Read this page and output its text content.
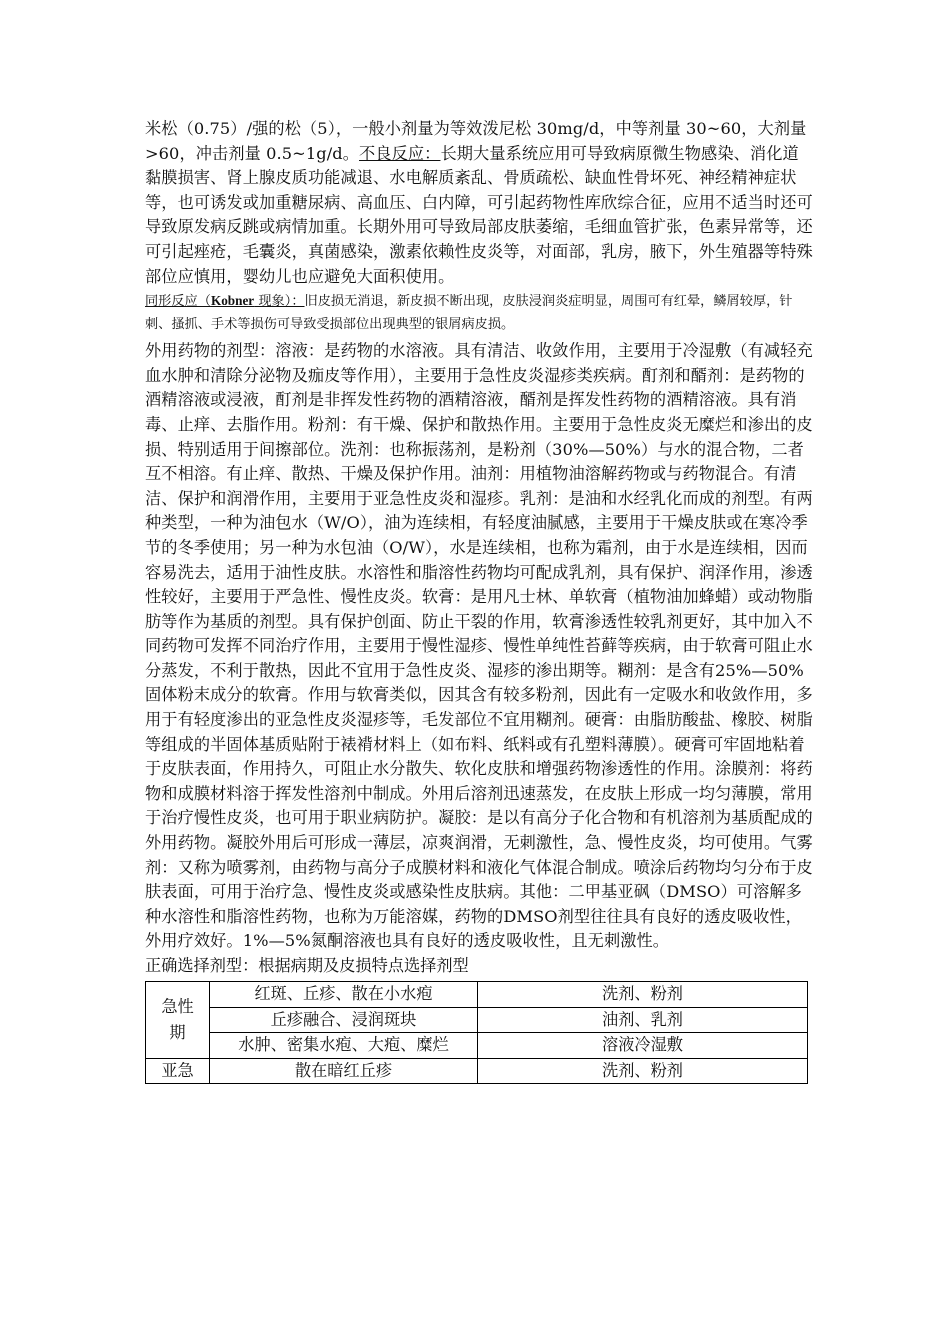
米松（0.75）/强的松（5），一般小剂量为等效泼尼松 30mg/d，中等剂量 30~60，大剂量>60，冲击剂量 0.5~1g/d。不良反应：长期大量系统应用可导致病原微生物感染、消化道黏膜损害、肾上腺皮质功能减退、水电解质紊乱、骨质疏松、缺血性骨坏死、神经精神症状等，也可诱发或加重糖尿病、高血压、白内障，可引起药物性库欣综合征，应用不适当时还可导致原发病反跳或病情加重。长期外用可导致局部皮肤萎缩，毛细血管扩张，色素异常等，还可引起痤疮，毛囊炎，真菌感染，激素依赖性皮炎等，对面部，乳房，腋下，外生殖器等特殊部位应慎用，婴幼儿也应避免大面积使用。

同形反应（Kobner 现象）：旧皮损无消退，新皮损不断出现，皮肤浸润炎症明显，周围可有红晕，鳞屑较厚，针刺、搔抓、手术等损伤可导致受损部位出现典型的银屑病皮损。

外用药物的剂型：溶液：是药物的水溶液。具有清洁、收敛作用，主要用于冷湿敷（有减轻充血水肿和清除分泌物及痂皮等作用），主要用于急性皮炎湿疹类疾病。酊剂和醑剂：是药物的酒精溶液或浸液，酊剂是非挥发性药物的酒精溶液，醑剂是挥发性药物的酒精溶液。具有消毒、止痒、去脂作用。粉剂：有干燥、保护和散热作用。主要用于急性皮炎无糜烂和渗出的皮损、特别适用于间擦部位。洗剂：也称振荡剂，是粉剂（30%—50%）与水的混合物，二者互不相溶。有止痒、散热、干燥及保护作用。油剂：用植物油溶解药物或与药物混合。有清洁、保护和润滑作用，主要用于亚急性皮炎和湿疹。乳剂：是油和水经乳化而成的剂型。有两种类型，一种为油包水（W/O），油为连续相，有轻度油腻感，主要用于干燥皮肤或在寒冷季节的冬季使用；另一种为水包油（O/W），水是连续相，也称为霜剂，由于水是连续相，因而容易洗去，适用于油性皮肤。水溶性和脂溶性药物均可配成乳剂，具有保护、润泽作用，渗透性较好，主要用于严急性、慢性皮炎。软膏：是用凡士林、单软膏（植物油加蜂蜡）或动物脂肪等作为基质的剂型。具有保护创面、防止干裂的作用，软膏渗透性较乳剂更好，其中加入不同药物可发挥不同治疗作用，主要用于慢性湿疹、慢性单纯性苔藓等疾病，由于软膏可阻止水分蒸发，不利于散热，因此不宜用于急性皮炎、湿疹的渗出期等。糊剂：是含有25%—50%固体粉末成分的软膏。作用与软膏类似，因其含有较多粉剂，因此有一定吸水和收敛作用，多用于有轻度渗出的亚急性皮炎湿疹等，毛发部位不宜用糊剂。硬膏：由脂肪酸盐、橡胶、树脂等组成的半固体基质贴附于裱褙材料上（如布料、纸料或有孔塑料薄膜）。硬膏可牢固地粘着于皮肤表面，作用持久，可阻止水分散失、软化皮肤和增强药物渗透性的作用。涂膜剂：将药物和成膜材料溶于挥发性溶剂中制成。外用后溶剂迅速蒸发，在皮肤上形成一均匀薄膜，常用于治疗慢性皮炎，也可用于职业病防护。凝胶：是以有高分子化合物和有机溶剂为基质配成的外用药物。凝胶外用后可形成一薄层，凉爽润滑，无刺激性，急、慢性皮炎，均可使用。气雾剂：又称为喷雾剂，由药物与高分子成膜材料和液化气体混合制成。喷涂后药物均匀分布于皮肤表面，可用于治疗急、慢性皮炎或感染性皮肤病。其他：二甲基亚砜（DMSO）可溶解多种水溶性和脂溶性药物，也称为万能溶媒，药物的DMSO剂型往往具有良好的透皮吸收性，外用疗效好。1%—5%氮酮溶液也具有良好的透皮吸收性，且无刺激性。

正确选择剂型：根据病期及皮损特点选择剂型

急性期	红斑、丘疹、散在小水疱	洗剂、粉剂
	丘疹融合、浸润斑块	油剂、乳剂
	水肿、密集水疱、大疱、糜烂	溶液冷湿敷
亚急	散在暗红丘疹	洗剂、粉剂
